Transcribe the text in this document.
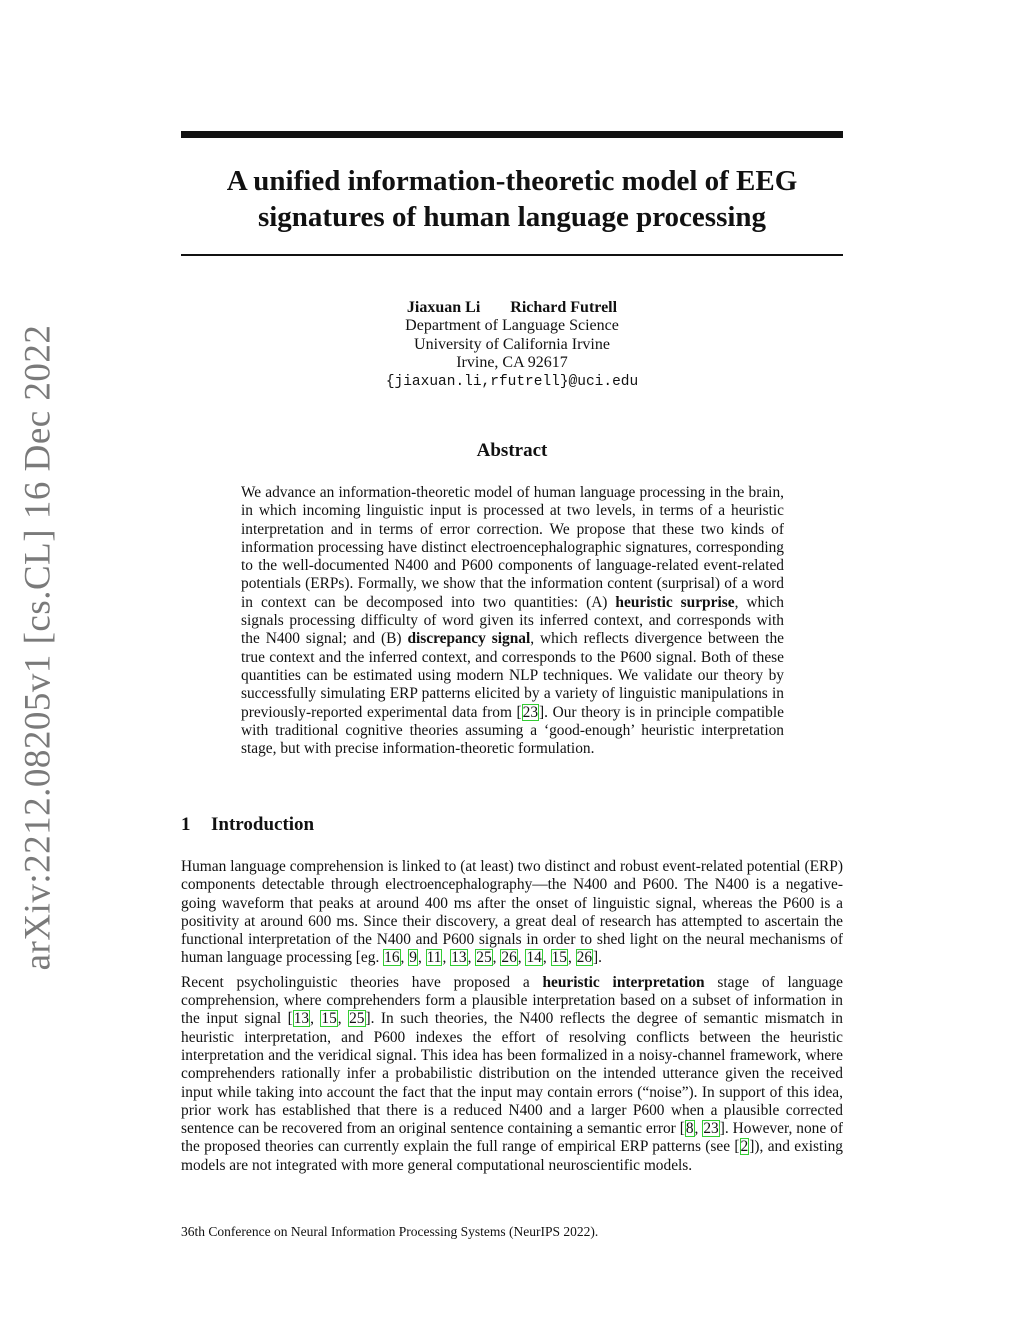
arXiv:2212.08205v1 [cs.CL] 16 Dec 2022
A unified information-theoretic model of EEG
signatures of human language processing
Jiaxuan Li Richard Futrell
Department of Language Science
University of California Irvine
Irvine, CA 92617
{jiaxuan.li,rfutrell}@uci.edu
Abstract

We advance an information-theoretic model of human language processing in the brain, in which incoming linguistic input is processed at two levels, in terms of a heuristic interpretation and in terms of error correction. We propose that these two kinds of information processing have distinct electroencephalographic signatures, corresponding to the well-documented N400 and P600 components of language-related event-related potentials (ERPs). Formally, we show that the information content (surprisal) of a word in context can be decomposed into two quantities: (A) heuristic surprise, which signals processing difficulty of word given its inferred context, and corresponds with the N400 signal; and (B) discrepancy signal, which reflects divergence between the true context and the inferred context, and corresponds to the P600 signal. Both of these quantities can be estimated using modern NLP techniques. We validate our theory by successfully simulating ERP patterns elicited by a variety of linguistic manipulations in previously-reported experimental data from [23]. Our theory is in principle compatible with traditional cognitive theories assuming a ‘good-enough’ heuristic interpretation stage, but with precise information-theoretic formulation.

1 Introduction

Human language comprehension is linked to (at least) two distinct and robust event-related potential (ERP) components detectable through electroencephalography—the N400 and P600. The N400 is a negative-going waveform that peaks at around 400 ms after the onset of linguistic signal, whereas the P600 is a positivity at around 600 ms. Since their discovery, a great deal of research has attempted to ascertain the functional interpretation of the N400 and P600 signals in order to shed light on the neural mechanisms of human language processing [eg. 16, 9, 11, 13, 25, 26, 14, 15, 26].

Recent psycholinguistic theories have proposed a heuristic interpretation stage of language comprehension, where comprehenders form a plausible interpretation based on a subset of information in the input signal [13, 15, 25]. In such theories, the N400 reflects the degree of semantic mismatch in heuristic interpretation, and P600 indexes the effort of resolving conflicts between the heuristic interpretation and the veridical signal. This idea has been formalized in a noisy-channel framework, where comprehenders rationally infer a probabilistic distribution on the intended utterance given the received input while taking into account the fact that the input may contain errors (“noise”). In support of this idea, prior work has established that there is a reduced N400 and a larger P600 when a plausible corrected sentence can be recovered from an original sentence containing a semantic error [8, 23]. However, none of the proposed theories can currently explain the full range of empirical ERP patterns (see [2]), and existing models are not integrated with more general computational neuroscientific models.

36th Conference on Neural Information Processing Systems (NeurIPS 2022).
